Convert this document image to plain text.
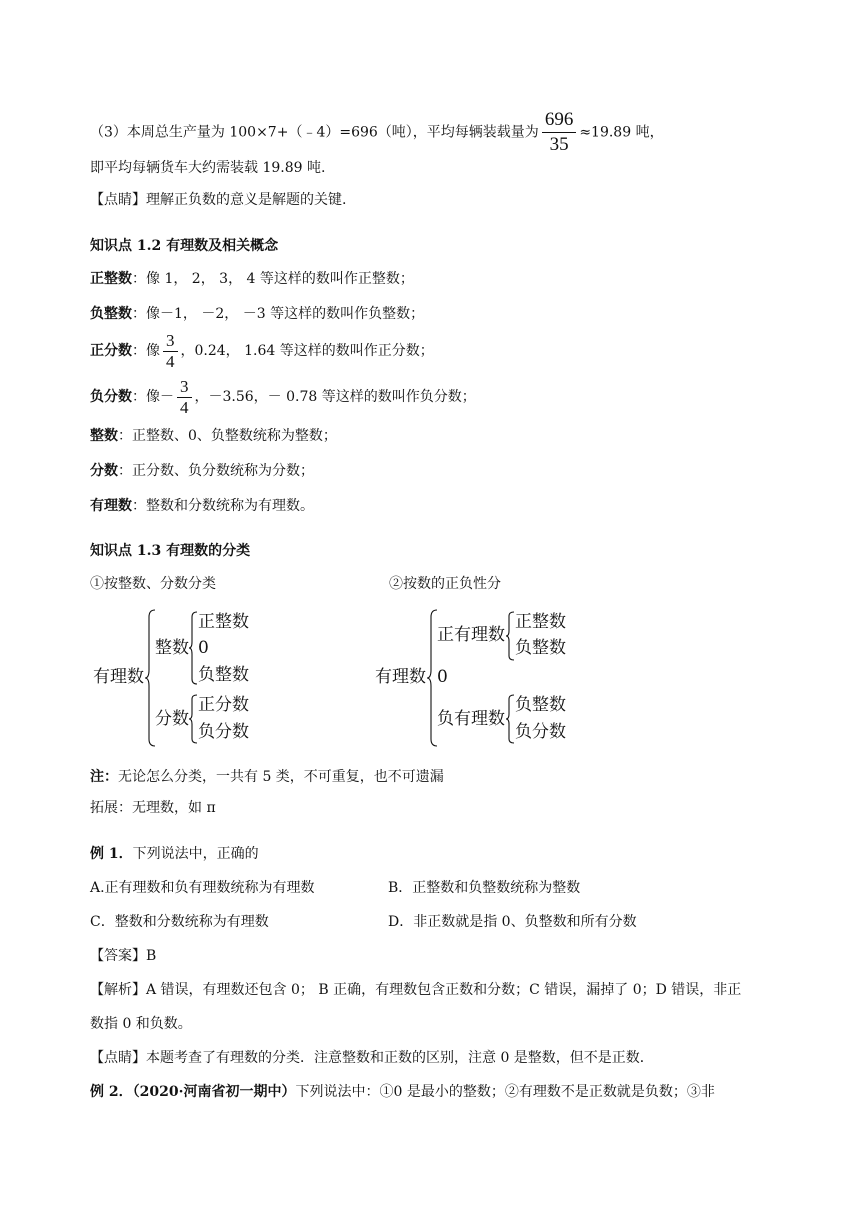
（3）本周总生产量为 100×7+（﹣4）=696（吨），平均每辆装载量为 $\frac{696}{35} \approx 19.89$ 吨，
即平均每辆货车大约需装载 19.89 吨.
【点睛】理解正负数的意义是解题的关键.
知识点 1.2 有理数及相关概念
正整数：像 1， 2， 3， 4 等这样的数叫作正整数；
负整数：像－1， －2， －3 等这样的数叫作负整数；
正分数：像 $\frac{3}{4}$ ，0.24， 1.64 等这样的数叫作正分数；
负分数：像－ $\frac{3}{4}$ ，－3.56，－ 0.78 等这样的数叫作负分数；
整数：正整数、0、负整数统称为整数；
分数：正分数、负分数统称为分数；
有理数：整数和分数统称为有理数。
知识点 1.3 有理数的分类
①按整数、分数分类	②按数的正负性分
有理数
整数
正整数
0
负整数
分数
正分数
负分数
有理数
正有理数
正整数
负整数
0
负有理数
负整数
负分数
注：无论怎么分类，一共有 5 类，不可重复，也不可遗漏
拓展：无理数，如 π
例 1．下列说法中，正确的
A.正有理数和负有理数统称为有理数	B．正整数和负整数统称为整数
C．整数和分数统称为有理数	D．非正数就是指 0、负整数和所有分数
【答案】B
【解析】A 错误，有理数还包含 0； B 正确，有理数包含正数和分数；C 错误，漏掉了 0；D 错误，非正
数指 0 和负数。
【点睛】本题考查了有理数的分类．注意整数和正数的区别，注意 0 是整数，但不是正数．
例 2．（2020·河南省初一期中）下列说法中：①0 是最小的整数；②有理数不是正数就是负数；③非
